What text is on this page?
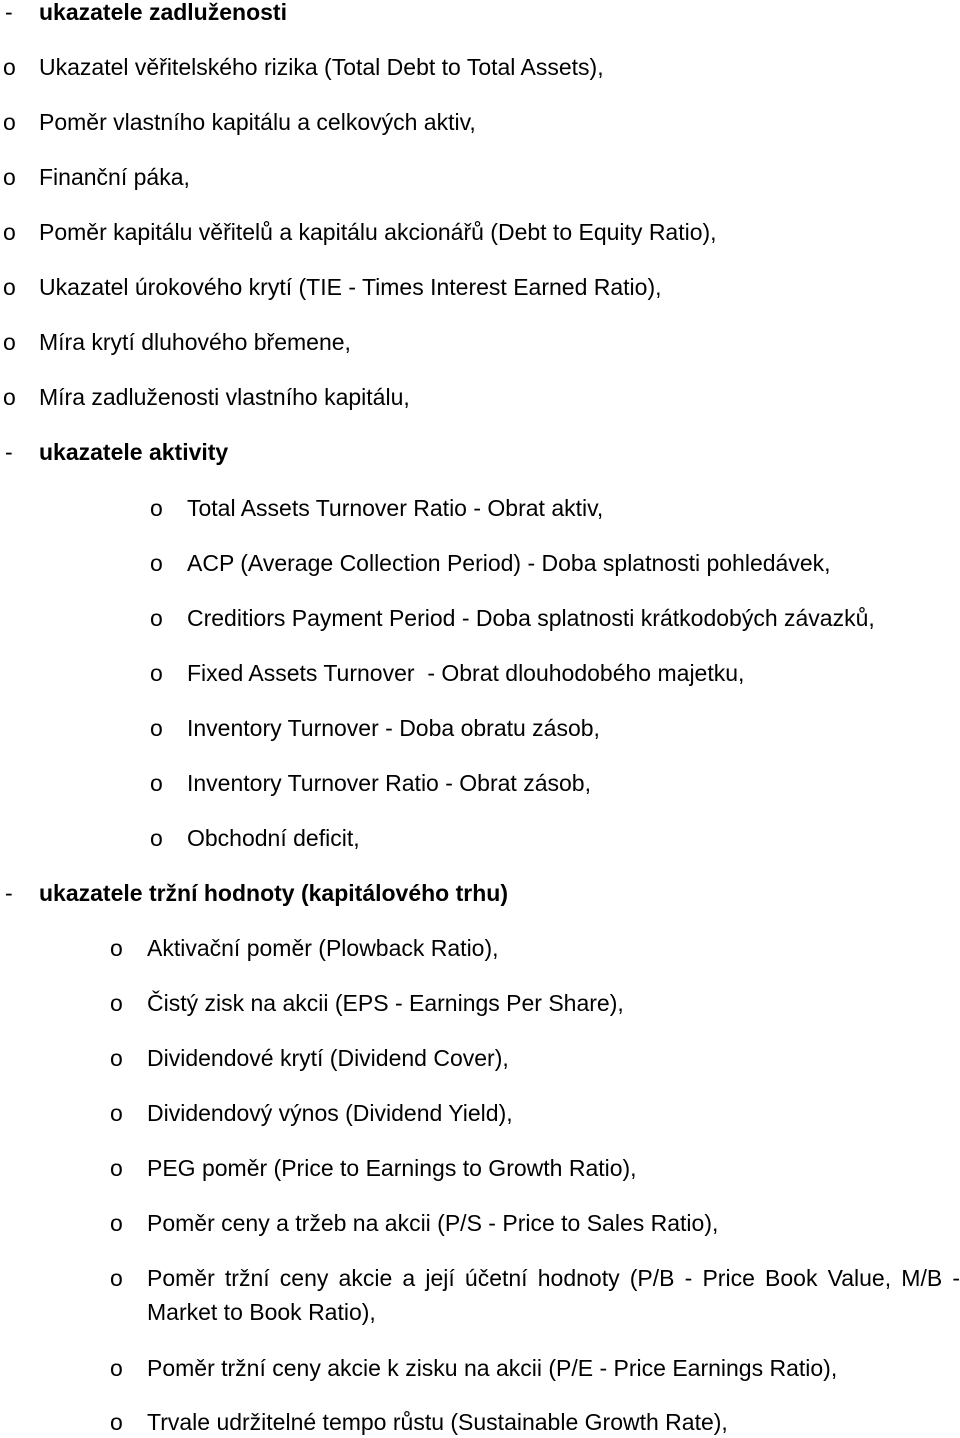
- ukazatele zadluženosti
o Ukazatel věřitelského rizika (Total Debt to Total Assets),
o Poměr vlastního kapitálu a celkových aktiv,
o Finanční páka,
o Poměr kapitálu věřitelů a kapitálu akcionářů (Debt to Equity Ratio),
o Ukazatel úrokového krytí (TIE - Times Interest Earned Ratio),
o Míra krytí dluhového břemene,
o Míra zadluženosti vlastního kapitálu,
- ukazatele aktivity
o Total Assets Turnover Ratio - Obrat aktiv,
o ACP (Average Collection Period) - Doba splatnosti pohledávek,
o Creditiors Payment Period - Doba splatnosti krátkodobých závazků,
o Fixed Assets Turnover  - Obrat dlouhodobého majetku,
o Inventory Turnover - Doba obratu zásob,
o Inventory Turnover Ratio - Obrat zásob,
o Obchodní deficit,
- ukazatele tržní hodnoty (kapitálového trhu)
o Aktivační poměr (Plowback Ratio),
o Čistý zisk na akcii (EPS - Earnings Per Share),
o Dividendové krytí (Dividend Cover),
o Dividendový výnos (Dividend Yield),
o PEG poměr (Price to Earnings to Growth Ratio),
o Poměr ceny a tržeb na akcii (P/S - Price to Sales Ratio),
o Poměr tržní ceny akcie a její účetní hodnoty (P/B - Price Book Value, M/B - Market to Book Ratio),
o Poměr tržní ceny akcie k zisku na akcii (P/E - Price Earnings Ratio),
o Trvale udržitelné tempo růstu (Sustainable Growth Rate),
